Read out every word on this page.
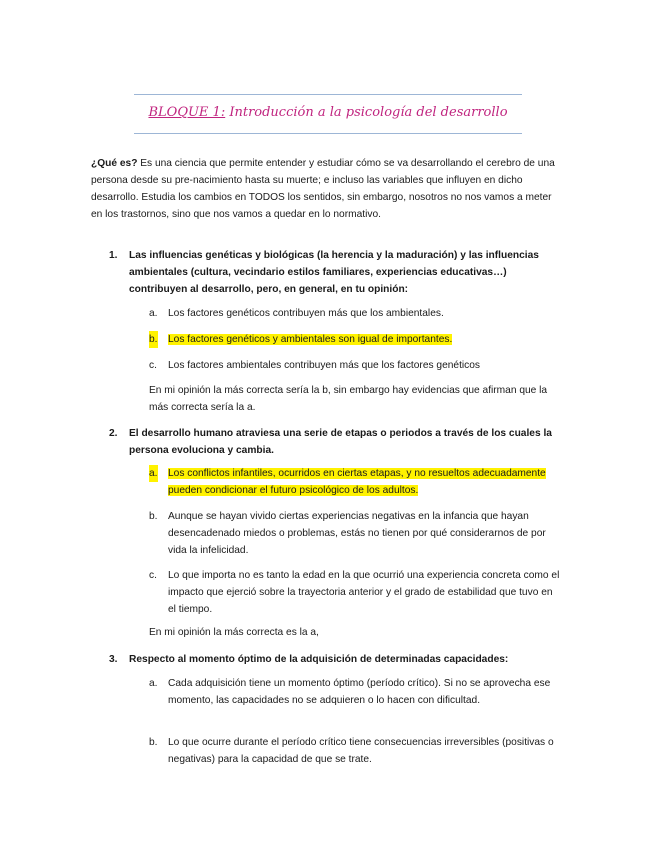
BLOQUE 1: Introducción a la psicología del desarrollo
¿Qué es? Es una ciencia que permite entender y estudiar cómo se va desarrollando el cerebro de una persona desde su pre-nacimiento hasta su muerte; e incluso las variables que influyen en dicho desarrollo. Estudia los cambios en TODOS los sentidos, sin embargo, nosotros no nos vamos a meter en los trastornos, sino que nos vamos a quedar en lo normativo.
1. Las influencias genéticas y biológicas (la herencia y la maduración) y las influencias ambientales (cultura, vecindario estilos familiares, experiencias educativas…) contribuyen al desarrollo, pero, en general, en tu opinión:
a. Los factores genéticos contribuyen más que los ambientales.
b. Los factores genéticos y ambientales son igual de importantes.
c. Los factores ambientales contribuyen más que los factores genéticos
En mi opinión la más correcta sería la b, sin embargo hay evidencias que afirman que la más correcta sería la a.
2. El desarrollo humano atraviesa una serie de etapas o periodos a través de los cuales la persona evoluciona y cambia.
a. Los conflictos infantiles, ocurridos en ciertas etapas, y no resueltos adecuadamente pueden condicionar el futuro psicológico de los adultos.
b. Aunque se hayan vivido ciertas experiencias negativas en la infancia que hayan desencadenado miedos o problemas, estás no tienen por qué considerarnos de por vida la infelicidad.
c. Lo que importa no es tanto la edad en la que ocurrió una experiencia concreta como el impacto que ejerció sobre la trayectoria anterior y el grado de estabilidad que tuvo en el tiempo.
En mi opinión la más correcta es la a,
3. Respecto al momento óptimo de la adquisición de determinadas capacidades:
a. Cada adquisición tiene un momento óptimo (período crítico). Si no se aprovecha ese momento, las capacidades no se adquieren o lo hacen con dificultad.
b. Lo que ocurre durante el período crítico tiene consecuencias irreversibles (positivas o negativas) para la capacidad de que se trate.
